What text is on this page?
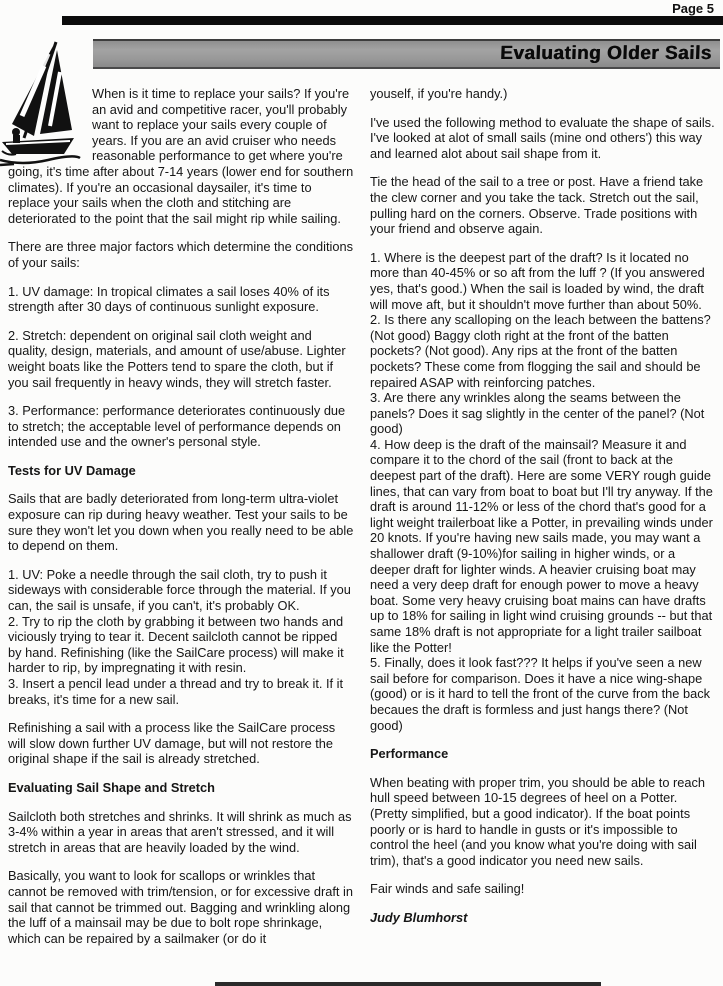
Page 5
Evaluating Older Sails
When is it time to replace your sails? If you're an avid and competitive racer, you'll probably want to replace your sails every couple of years. If you are an avid cruiser who needs reasonable performance to get where you're going, it's time after about 7-14 years (lower end for southern climates). If you're an occasional daysailer, it's time to replace your sails when the cloth and stitching are deteriorated to the point that the sail might rip while sailing.
There are three major factors which determine the conditions of your sails:
1. UV damage: In tropical climates a sail loses 40% of its strength after 30 days of continuous sunlight exposure.
2. Stretch: dependent on original sail cloth weight and quality, design, materials, and amount of use/abuse. Lighter weight boats like the Potters tend to spare the cloth, but if you sail frequently in heavy winds, they will stretch faster.
3. Performance: performance deteriorates continuously due to stretch; the acceptable level of performance depends on intended use and the owner's personal style.
Tests for UV Damage
Sails that are badly deteriorated from long-term ultra-violet exposure can rip during heavy weather. Test your sails to be sure they won't let you down when you really need to be able to depend on them.
1. UV: Poke a needle through the sail cloth, try to push it sideways with considerable force through the material. If you can, the sail is unsafe, if you can't, it's probably OK.
2. Try to rip the cloth by grabbing it between two hands and viciously trying to tear it. Decent sailcloth cannot be ripped by hand. Refinishing (like the SailCare process) will make it harder to rip, by impregnating it with resin.
3. Insert a pencil lead under a thread and try to break it. If it breaks, it's time for a new sail.
Refinishing a sail with a process like the SailCare process will slow down further UV damage, but will not restore the original shape if the sail is already stretched.
Evaluating Sail Shape and Stretch
Sailcloth both stretches and shrinks. It will shrink as much as 3-4% within a year in areas that aren't stressed, and it will stretch in areas that are heavily loaded by the wind.
Basically, you want to look for scallops or wrinkles that cannot be removed with trim/tension, or for excessive draft in sail that cannot be trimmed out. Bagging and wrinkling along the luff of a mainsail may be due to bolt rope shrinkage, which can be repaired by a sailmaker (or do it
youself, if you're handy.)
I've used the following method to evaluate the shape of sails. I've looked at alot of small sails (mine ond others') this way and learned alot about sail shape from it.
Tie the head of the sail to a tree or post. Have a friend take the clew corner and you take the tack. Stretch out the sail, pulling hard on the corners. Observe. Trade positions with your friend and observe again.
1. Where is the deepest part of the draft? Is it located no more than 40-45% or so aft from the luff ? (If you answered yes, that's good.) When the sail is loaded by wind, the draft will move aft, but it shouldn't move further than about 50%.
2. Is there any scalloping on the leach between the battens? (Not good) Baggy cloth right at the front of the batten pockets? (Not good). Any rips at the front of the batten pockets? These come from flogging the sail and should be repaired ASAP with reinforcing patches.
3. Are there any wrinkles along the seams between the panels? Does it sag slightly in the center of the panel? (Not good)
4. How deep is the draft of the mainsail? Measure it and compare it to the chord of the sail (front to back at the deepest part of the draft). Here are some VERY rough guide lines, that can vary from boat to boat but I'll try anyway. If the draft is around 11-12% or less of the chord that's good for a light weight trailerboat like a Potter, in prevailing winds under 20 knots. If you're having new sails made, you may want a shallower draft (9-10%)for sailing in higher winds, or a deeper draft for lighter winds. A heavier cruising boat may need a very deep draft for enough power to move a heavy boat. Some very heavy cruising boat mains can have drafts up to 18% for sailing in light wind cruising grounds -- but that same 18% draft is not appropriate for a light trailer sailboat like the Potter!
5. Finally, does it look fast??? It helps if you've seen a new sail before for comparison. Does it have a nice wing-shape (good) or is it hard to tell the front of the curve from the back becaues the draft is formless and just hangs there? (Not good)
Performance
When beating with proper trim, you should be able to reach hull speed between 10-15 degrees of heel on a Potter. (Pretty simplified, but a good indicator). If the boat points poorly or is hard to handle in gusts or it's impossible to control the heel (and you know what you're doing with sail trim), that's a good indicator you need new sails.
Fair winds and safe sailing!
Judy Blumhorst
